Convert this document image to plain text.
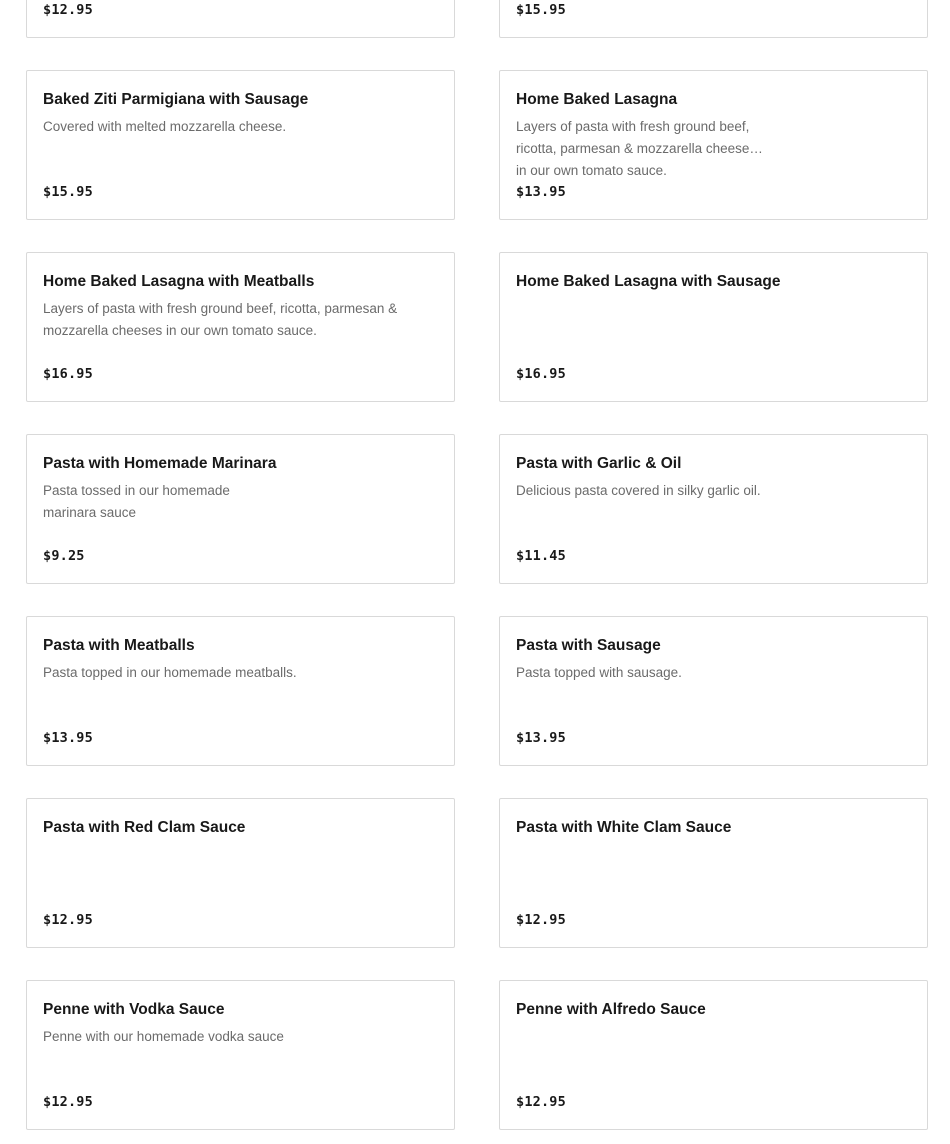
$12.95	$15.95
Baked Ziti Parmigiana with Sausage
Covered with melted mozzarella cheese.
$15.95
Home Baked Lasagna
Layers of pasta with fresh ground beef, ricotta, parmesan & mozzarella cheeses in our own tomato sauce.
$13.95
Home Baked Lasagna with Meatballs
Layers of pasta with fresh ground beef, ricotta, parmesan & mozzarella cheeses in our own tomato sauce.
$16.95
Home Baked Lasagna with Sausage
$16.95
Pasta with Homemade Marinara
Pasta tossed in our homemade marinara sauce
$9.25
Pasta with Garlic & Oil
Delicious pasta covered in silky garlic oil.
$11.45
Pasta with Meatballs
Pasta topped in our homemade meatballs.
$13.95
Pasta with Sausage
Pasta topped with sausage.
$13.95
Pasta with Red Clam Sauce
$12.95
Pasta with White Clam Sauce
$12.95
Penne with Vodka Sauce
Penne with our homemade vodka sauce
$12.95
Penne with Alfredo Sauce
$12.95
